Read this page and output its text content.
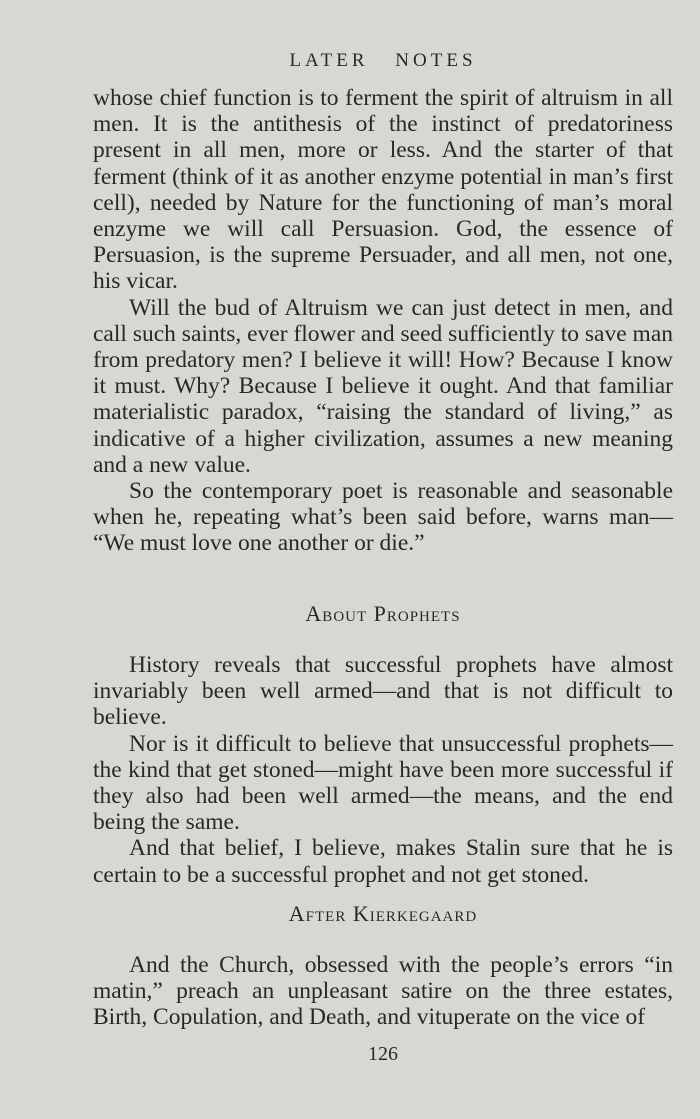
LATER NOTES

whose chief function is to ferment the spirit of altruism in all men. It is the antithesis of the instinct of predatoriness present in all men, more or less. And the starter of that ferment (think of it as another enzyme potential in man’s first cell), needed by Nature for the functioning of man’s moral enzyme we will call Persuasion. God, the essence of Persuasion, is the supreme Persuader, and all men, not one, his vicar.

Will the bud of Altruism we can just detect in men, and call such saints, ever flower and seed sufficiently to save man from predatory men? I believe it will! How? Because I know it must. Why? Because I believe it ought. And that familiar materialistic paradox, “raising the standard of living,” as indicative of a higher civilization, assumes a new meaning and a new value.

So the contemporary poet is reasonable and seasonable when he, repeating what’s been said before, warns man— “We must love one another or die.”

About Prophets

History reveals that successful prophets have almost invariably been well armed—and that is not difficult to believe.

Nor is it difficult to believe that unsuccessful prophets— the kind that get stoned—might have been more successful if they also had been well armed—the means, and the end being the same.

And that belief, I believe, makes Stalin sure that he is certain to be a successful prophet and not get stoned.

After Kierkegaard

And the Church, obsessed with the people’s errors “in matin,” preach an unpleasant satire on the three estates, Birth, Copulation, and Death, and vituperate on the vice of

126
